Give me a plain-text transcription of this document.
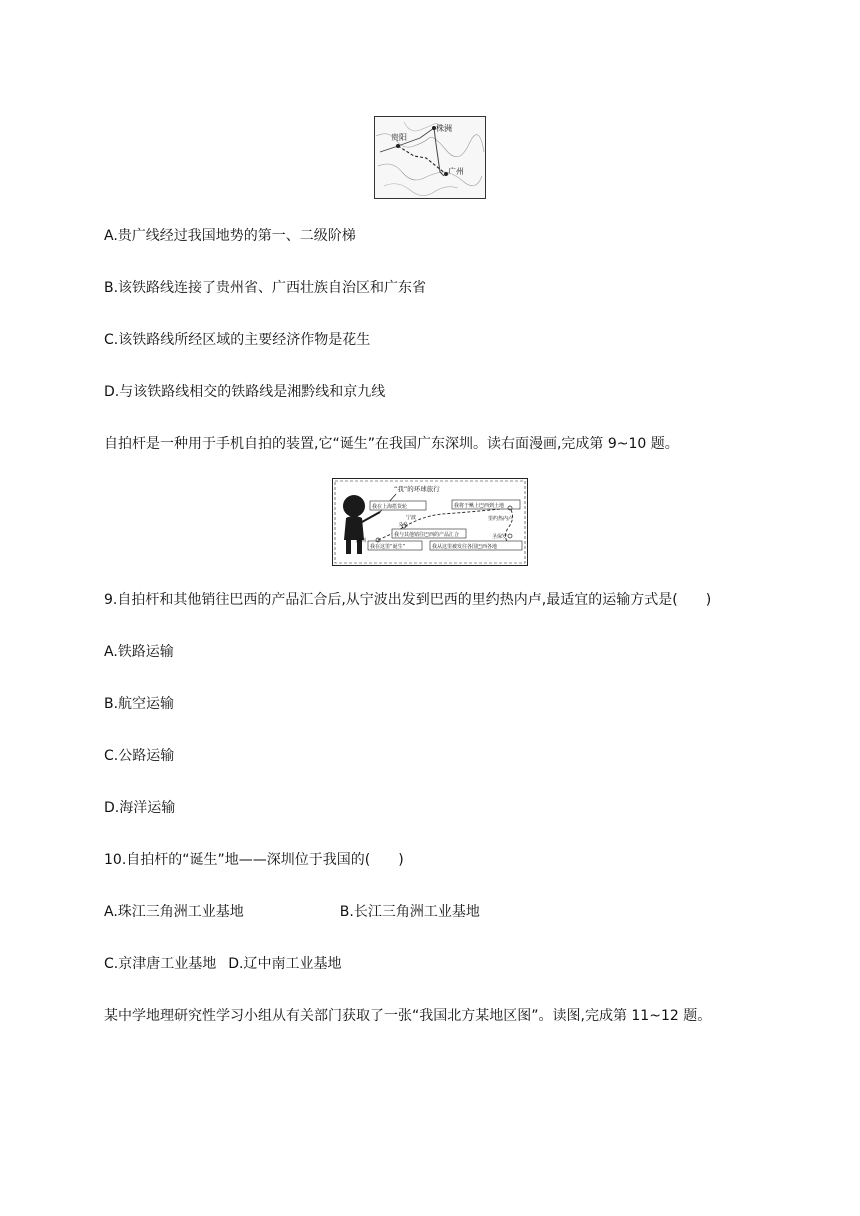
贵阳
株洲
广州
A.贵广线经过我国地势的第一、二级阶梯
B.该铁路线连接了贵州省、广西壮族自治区和广东省
C.该铁路线所经区域的主要经济作物是花生
D.与该铁路线相交的铁路线是湘黔线和京九线
自拍杆是一种用于手机自拍的装置,它“诞生”在我国广东深圳。读右面漫画,完成第 9~10 题。
“我”的环球旅行
我在上海搭货轮	我将于鳅上巴西到土地
我与其他销往巴西的产品汇合
我在这里“诞生”	我从这里被发往各国巴西各地
宁波
义乌
深圳
里约热内卢
圣保罗
9.自拍杆和其他销往巴西的产品汇合后,从宁波出发到巴西的里约热内卢,最适宜的运输方式是(　　)
A.铁路运输
B.航空运输
C.公路运输
D.海洋运输
10.自拍杆的“诞生”地——深圳位于我国的(　　)
A.珠江三角洲工业基地	B.长江三角洲工业基地
C.京津唐工业基地 D.辽中南工业基地
某中学地理研究性学习小组从有关部门获取了一张“我国北方某地区图”。读图,完成第 11~12 题。
